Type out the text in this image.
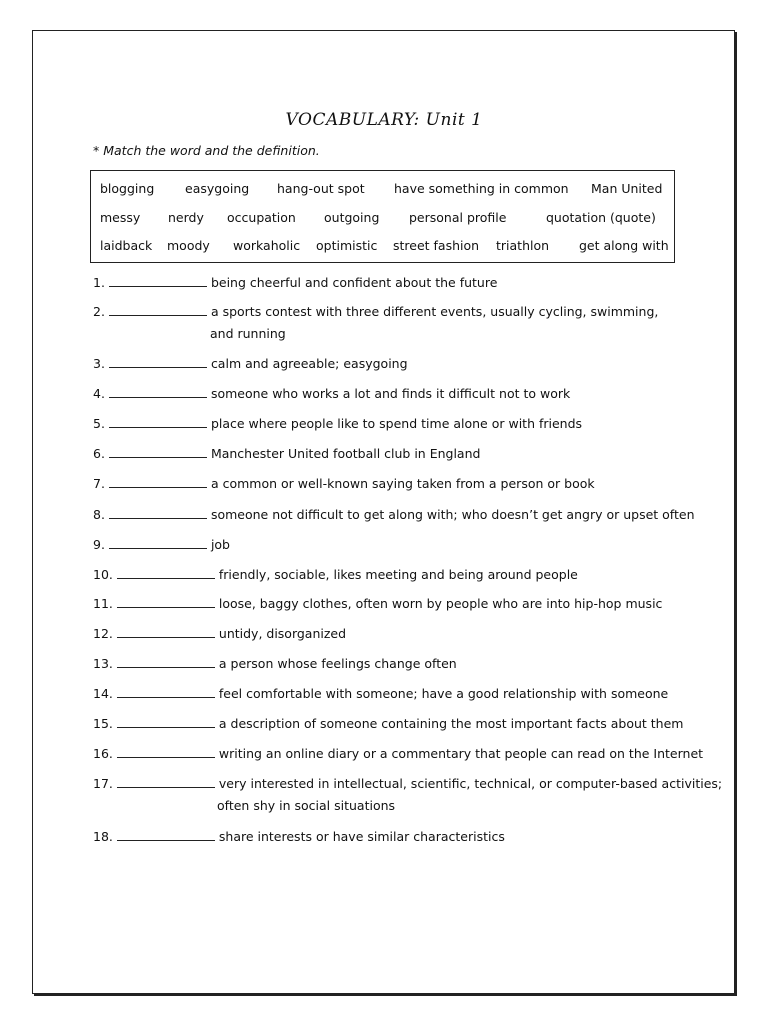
VOCABULARY: Unit 1
* Match the word and the definition.
blogging easygoing hang-out spot have something in common Man United
messy nerdy occupation outgoing personal profile	quotation (quote)
laidback moody workaholic optimistic street fashion triathlon get along with
1.	being cheerful and confident about the future
2.	a sports contest with three different events, usually cycling, swimming,
and running
3.	calm and agreeable; easygoing
4.	someone who works a lot and finds it difficult not to work
5.	place where people like to spend time alone or with friends
6.	Manchester United football club in England
7.	a common or well-known saying taken from a person or book
8.	someone not difficult to get along with; who doesn’t get angry or upset often
9.	job
10.	friendly, sociable, likes meeting and being around people
11.	loose, baggy clothes, often worn by people who are into hip-hop music
12.	untidy, disorganized
13.	a person whose feelings change often
14.	feel comfortable with someone; have a good relationship with someone
15.	a description of someone containing the most important facts about them
16.	writing an online diary or a commentary that people can read on the Internet
17.	very interested in intellectual, scientific, technical, or computer-based activities;
often shy in social situations
18.	share interests or have similar characteristics
